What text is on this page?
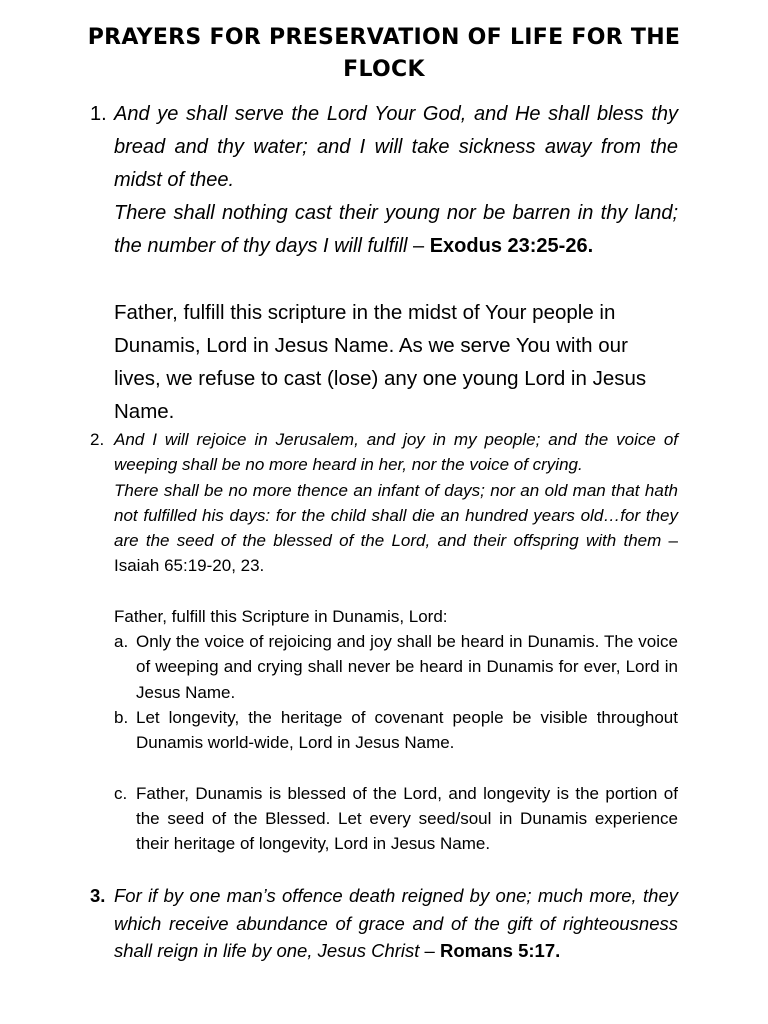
PRAYERS FOR PRESERVATION OF LIFE FOR THE FLOCK
1. And ye shall serve the Lord Your God, and He shall bless thy bread and thy water; and I will take sickness away from the midst of thee.

There shall nothing cast their young nor be barren in thy land; the number of thy days I will fulfill – Exodus 23:25-26.

Father, fulfill this scripture in the midst of Your people in Dunamis, Lord in Jesus Name. As we serve You with our lives, we refuse to cast (lose) any one young Lord in Jesus Name.

2. And I will rejoice in Jerusalem, and joy in my people; and the voice of weeping shall be no more heard in her, nor the voice of crying.

There shall be no more thence an infant of days; nor an old man that hath not fulfilled his days: for the child shall die an hundred years old…for they are the seed of the blessed of the Lord, and their offspring with them – Isaiah 65:19-20, 23.

Father, fulfill this Scripture in Dunamis, Lord:

a. Only the voice of rejoicing and joy shall be heard in Dunamis. The voice of weeping and crying shall never be heard in Dunamis for ever, Lord in Jesus Name.
b. Let longevity, the heritage of covenant people be visible throughout Dunamis world-wide, Lord in Jesus Name.
c. Father, Dunamis is blessed of the Lord, and longevity is the portion of the seed of the Blessed. Let every seed/soul in Dunamis experience their heritage of longevity, Lord in Jesus Name.
3. For if by one man’s offence death reigned by one; much more, they which receive abundance of grace and of the gift of righteousness shall reign in life by one, Jesus Christ – Romans 5:17.
